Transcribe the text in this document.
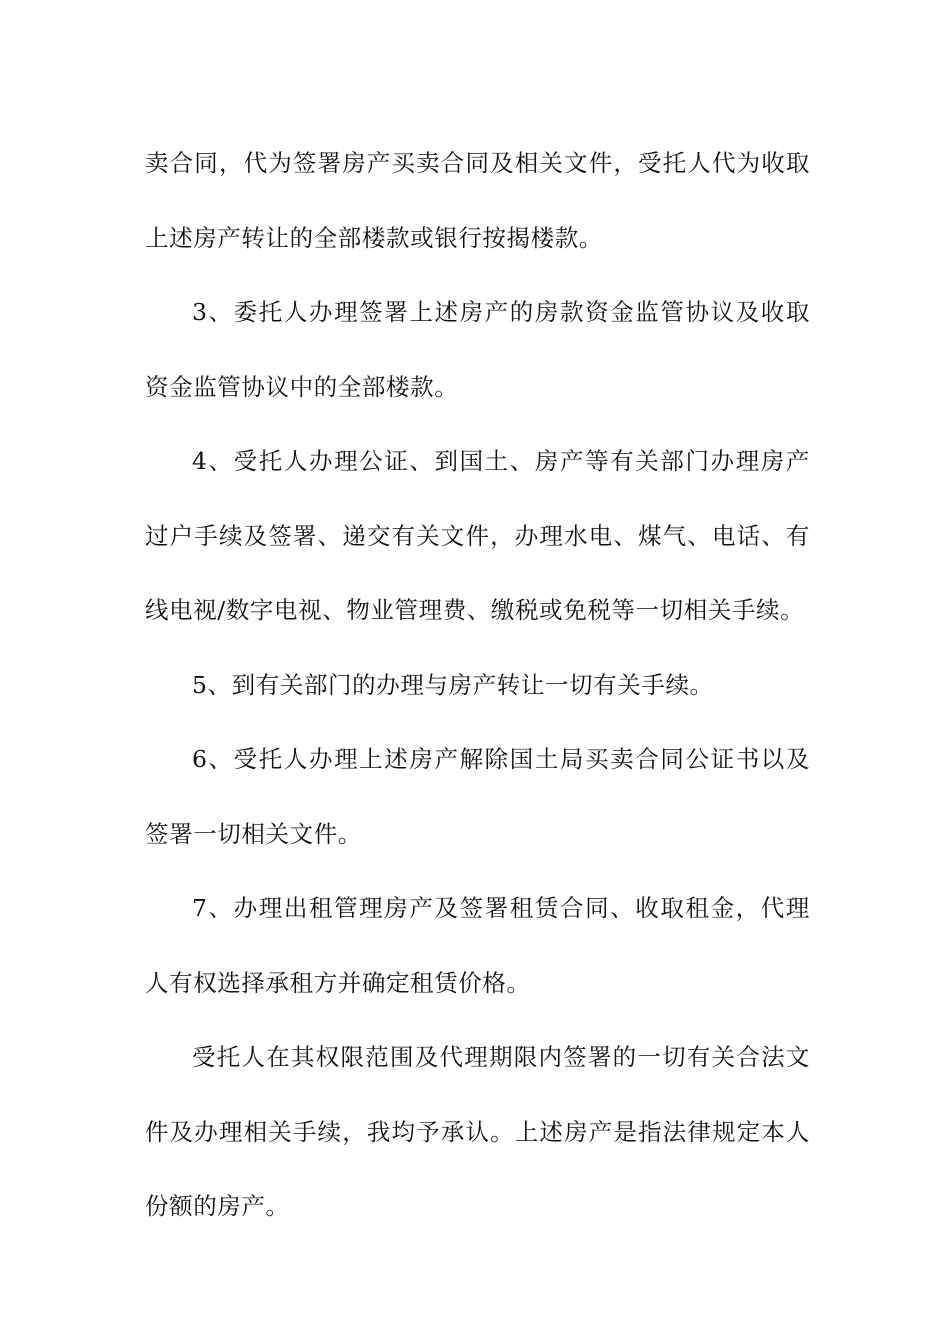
卖合同，代为签署房产买卖合同及相关文件，受托人代为收取上述房产转让的全部楼款或银行按揭楼款。

3、委托人办理签署上述房产的房款资金监管协议及收取资金监管协议中的全部楼款。

4、受托人办理公证、到国土、房产等有关部门办理房产过户手续及签署、递交有关文件，办理水电、煤气、电话、有线电视/数字电视、物业管理费、缴税或免税等一切相关手续。

5、到有关部门的办理与房产转让一切有关手续。

6、受托人办理上述房产解除国土局买卖合同公证书以及签署一切相关文件。

7、办理出租管理房产及签署租赁合同、收取租金，代理人有权选择承租方并确定租赁价格。

受托人在其权限范围及代理期限内签署的一切有关合法文件及办理相关手续，我均予承认。上述房产是指法律规定本人份额的房产。
